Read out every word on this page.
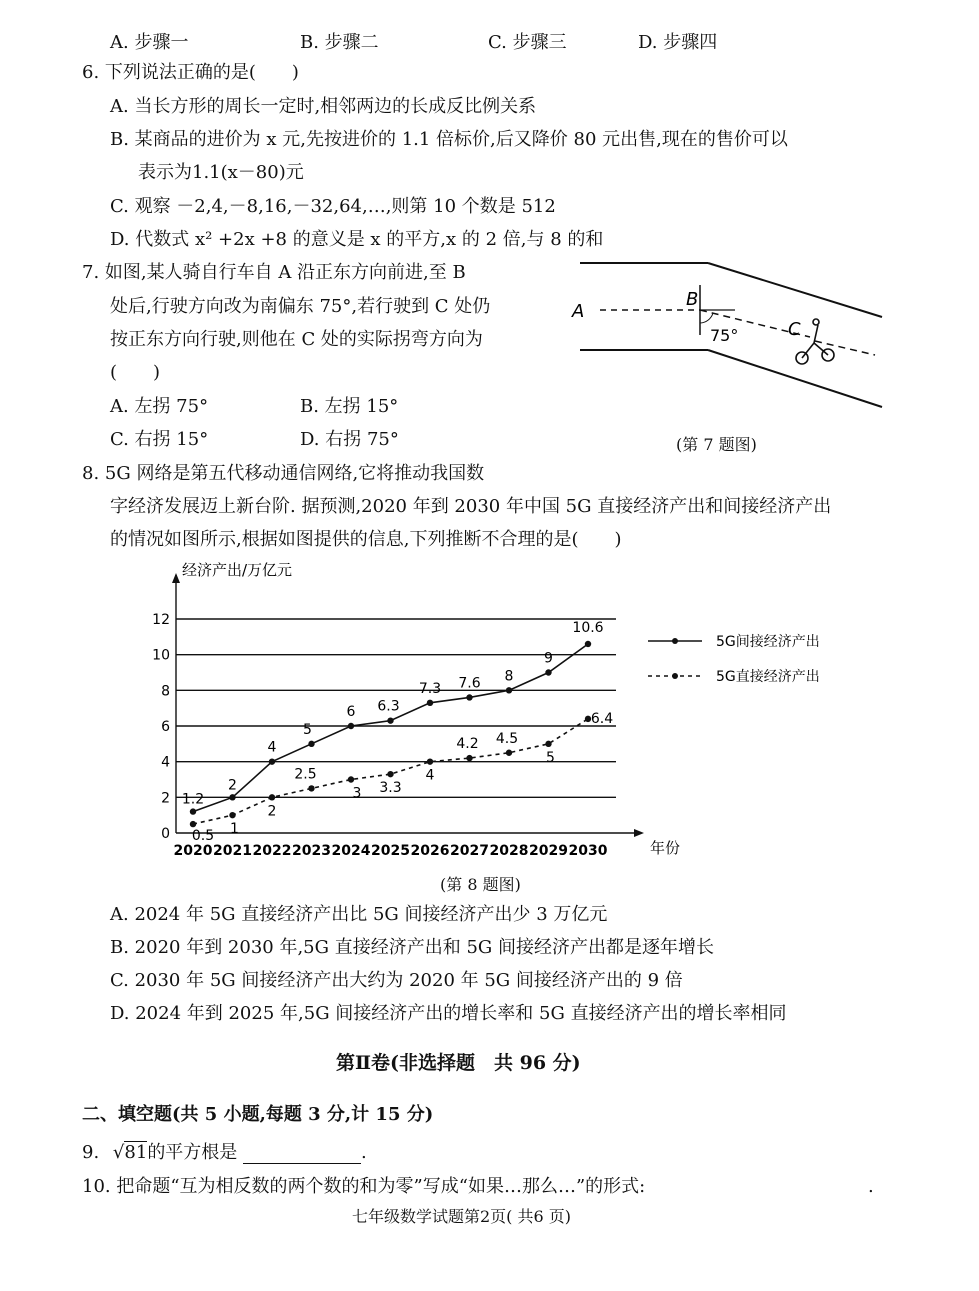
A. 步骤一	B. 步骤二	C. 步骤三	D. 步骤四
6. 下列说法正确的是(　　)
A. 当长方形的周长一定时,相邻两边的长成反比例关系
B. 某商品的进价为 x 元,先按进价的 1.1 倍标价,后又降价 80 元出售,现在的售价可以
表示为1.1(x－80)元
C. 观察 －2,4,－8,16,－32,64,…,则第 10 个数是 512
D. 代数式 x² +2x +8 的意义是 x 的平方,x 的 2 倍,与 8 的和
7. 如图,某人骑自行车自 A 沿正东方向前进,至 B
处后,行驶方向改为南偏东 75°,若行驶到 C 处仍
按正东方向行驶,则他在 C 处的实际拐弯方向为
(　　)
A. 左拐 75°	B. 左拐 15°
C. 右拐 15°	D. 右拐 75°
A
B
75°	C
(第 7 题图)
8. 5G 网络是第五代移动通信网络,它将推动我国数
字经济发展迈上新台阶. 据预测,2020 年到 2030 年中国 5G 直接经济产出和间接经济产出
的情况如图所示,根据如图提供的信息,下列推断不合理的是(　　)
0
2
4
6
8
10
12
经济产出/万亿元
年份
2020 2021 2022 2023 2024 2025 2026 2027 2028 2029 2030
1.2
2
4
5
6 6.3
7.3 7.6 8
9
10.6
0.5 1
2
2.5
3 3.3
4
4.2 4.5
5
6.4
5G间接经济产出
5G直接经济产出
(第 8 题图)
A. 2024 年 5G 直接经济产出比 5G 间接经济产出少 3 万亿元
B. 2020 年到 2030 年,5G 直接经济产出和 5G 间接经济产出都是逐年增长
C. 2030 年 5G 间接经济产出大约为 2020 年 5G 间接经济产出的 9 倍
D. 2024 年到 2025 年,5G 间接经济产出的增长率和 5G 直接经济产出的增长率相同
第Ⅱ卷(非选择题　共 96 分)
二、填空题(共 5 小题,每题 3 分,计 15 分)
9. √81的平方根是	.
10. 把命题“互为相反数的两个数的和为零”写成“如果…那么…”的形式:	.
七年级数学试题第2页( 共6 页)
